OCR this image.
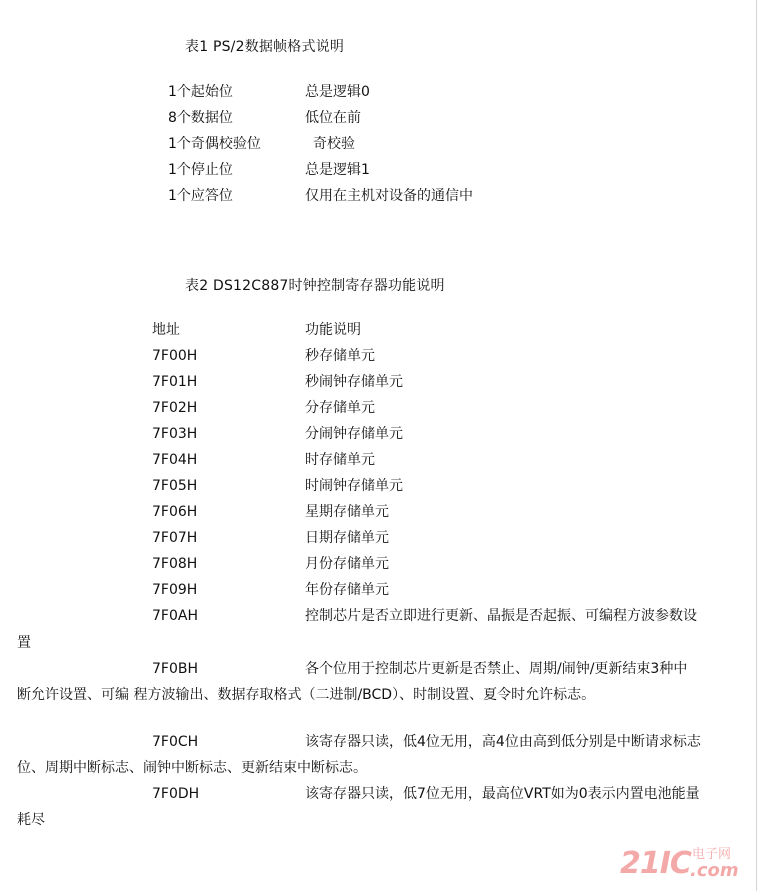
表1 PS/2数据帧格式说明
1个起始位	总是逻辑0
8个数据位	低位在前
1个奇偶校验位	奇校验
1个停止位	总是逻辑1
1个应答位	仅用在主机对设备的通信中
表2 DS12C887时钟控制寄存器功能说明
地址	功能说明
7F00H	秒存储单元
7F01H	秒闹钟存储单元
7F02H	分存储单元
7F03H	分闹钟存储单元
7F04H	时存储单元
7F05H	时闹钟存储单元
7F06H	星期存储单元
7F07H	日期存储单元
7F08H	月份存储单元
7F09H	年份存储单元
7F0AH	控制芯片是否立即进行更新、晶振是否起振、可编程方波参数设
置
7F0BH	各个位用于控制芯片更新是否禁止、周期/闹钟/更新结束3种中
断允许设置、可编 程方波输出、数据存取格式（二进制/BCD）、时制设置、夏令时允许标志。
7F0CH	该寄存器只读，低4位无用，高4位由高到低分别是中断请求标志
位、周期中断标志、闹钟中断标志、更新结束中断标志。
7F0DH	该寄存器只读，低7位无用，最高位VRT如为0表示内置电池能量
耗尽
21IC 电子网
.com
